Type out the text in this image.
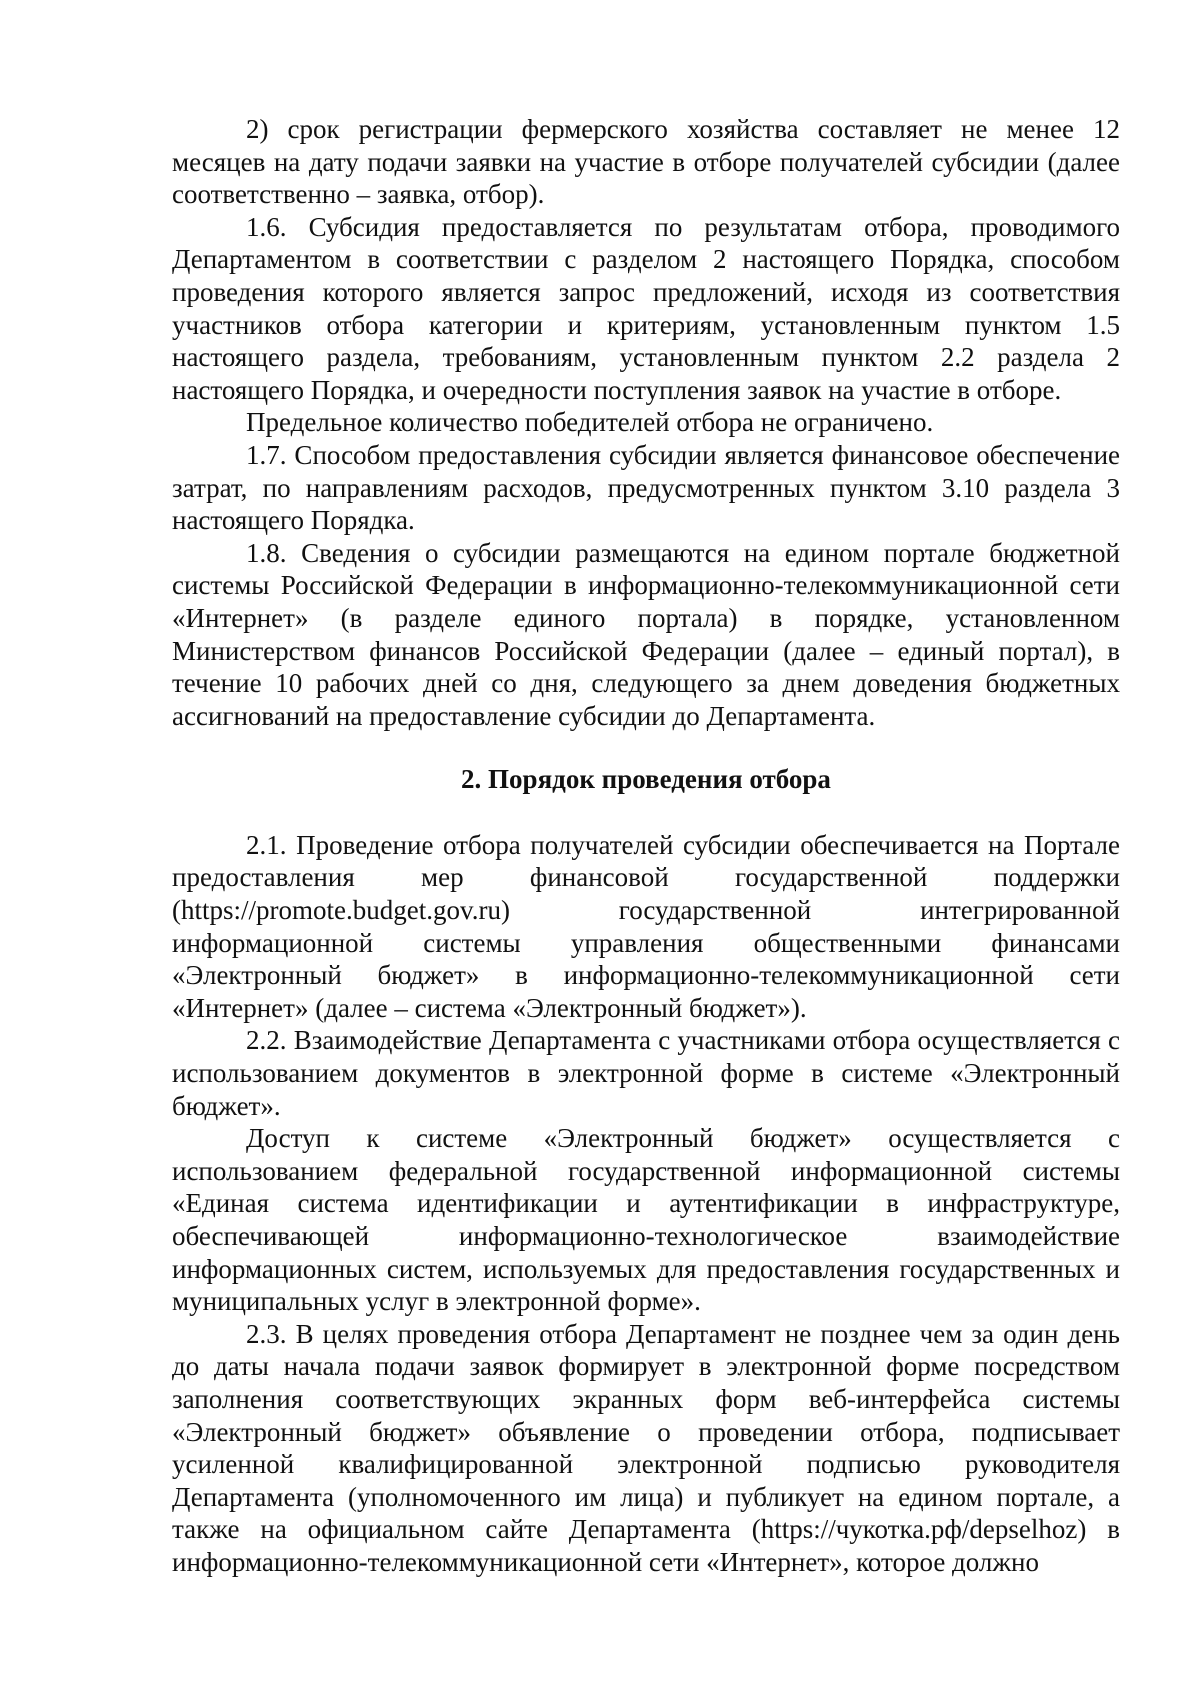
2) срок регистрации фермерского хозяйства составляет не менее 12 месяцев на дату подачи заявки на участие в отборе получателей субсидии (далее соответственно – заявка, отбор).

1.6. Субсидия предоставляется по результатам отбора, проводимого Департаментом в соответствии с разделом 2 настоящего Порядка, способом проведения которого является запрос предложений, исходя из соответствия участников отбора категории и критериям, установленным пунктом 1.5 настоящего раздела, требованиям, установленным пунктом 2.2 раздела 2 настоящего Порядка, и очередности поступления заявок на участие в отборе.

Предельное количество победителей отбора не ограничено.

1.7. Способом предоставления субсидии является финансовое обеспечение затрат, по направлениям расходов, предусмотренных пунктом 3.10 раздела 3 настоящего Порядка.

1.8. Сведения о субсидии размещаются на едином портале бюджетной системы Российской Федерации в информационно-телекоммуникационной сети «Интернет» (в разделе единого портала) в порядке, установленном Министерством финансов Российской Федерации (далее – единый портал), в течение 10 рабочих дней со дня, следующего за днем доведения бюджетных ассигнований на предоставление субсидии до Департамента.

2. Порядок проведения отбора

2.1. Проведение отбора получателей субсидии обеспечивается на Портале предоставления мер финансовой государственной поддержки (https://promote.budget.gov.ru) государственной интегрированной информационной системы управления общественными финансами «Электронный бюджет» в информационно-телекоммуникационной сети «Интернет» (далее – система «Электронный бюджет»).

2.2. Взаимодействие Департамента с участниками отбора осуществляется с использованием документов в электронной форме в системе «Электронный бюджет».

Доступ к системе «Электронный бюджет» осуществляется с использованием федеральной государственной информационной системы «Единая система идентификации и аутентификации в инфраструктуре, обеспечивающей информационно-технологическое взаимодействие информационных систем, используемых для предоставления государственных и муниципальных услуг в электронной форме».

2.3. В целях проведения отбора Департамент не позднее чем за один день до даты начала подачи заявок формирует в электронной форме посредством заполнения соответствующих экранных форм веб-интерфейса системы «Электронный бюджет» объявление о проведении отбора, подписывает усиленной квалифицированной электронной подписью руководителя Департамента (уполномоченного им лица) и публикует на едином портале, а также на официальном сайте Департамента (https://чукотка.рф/depselhoz) в информационно-телекоммуникационной сети «Интернет», которое должно
